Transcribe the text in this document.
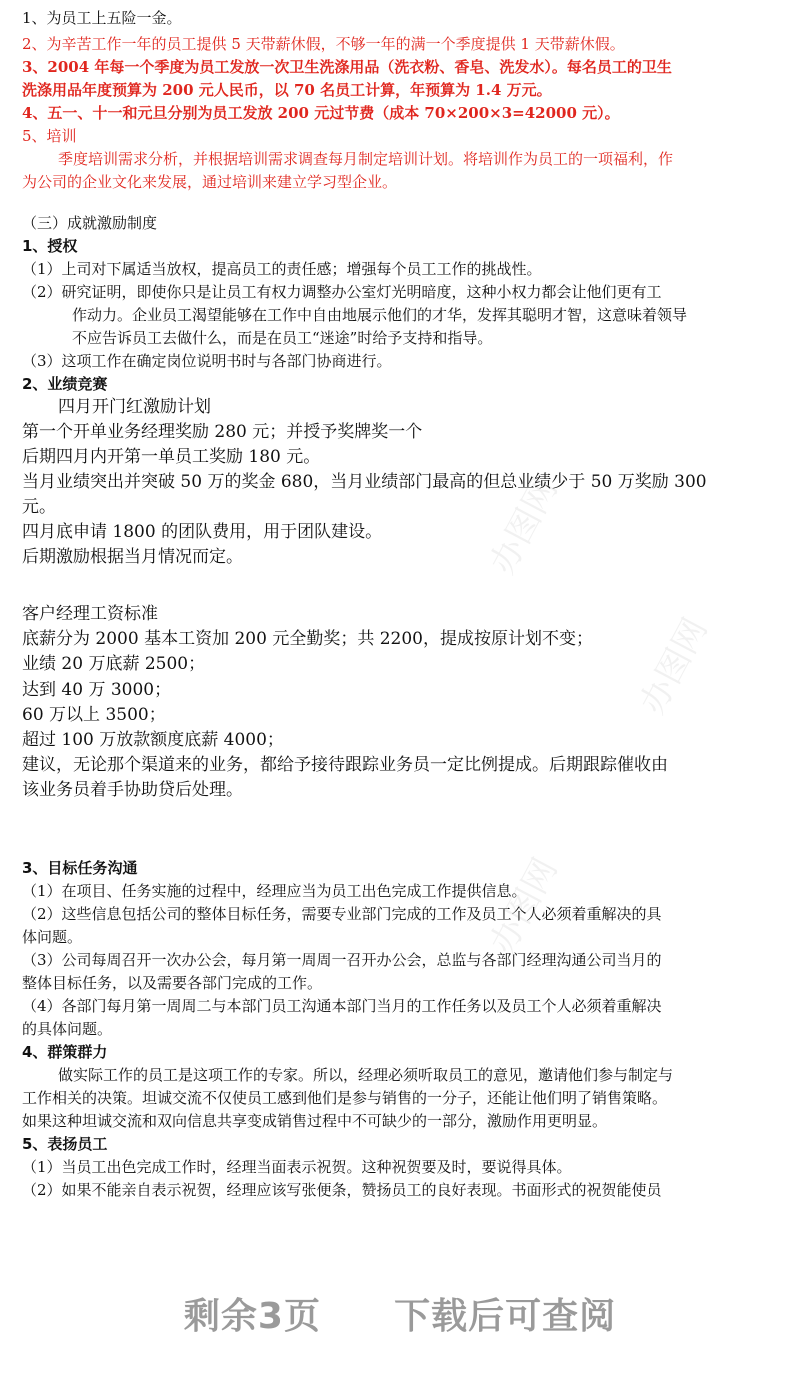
办图网
办图网
办图网
1、为员工上五险一金。
2、为辛苦工作一年的员工提供 5 天带薪休假，不够一年的满一个季度提供 1 天带薪休假。
3、2004 年每一个季度为员工发放一次卫生洗涤用品（洗衣粉、香皂、洗发水）。每名员工的卫生
洗涤用品年度预算为 200 元人民币，以 70 名员工计算，年预算为 1.4 万元。
4、五一、十一和元旦分别为员工发放 200 元过节费（成本 70×200×3=42000 元）。
5、培训
季度培训需求分析，并根据培训需求调查每月制定培训计划。将培训作为员工的一项福利，作
为公司的企业文化来发展，通过培训来建立学习型企业。
（三）成就激励制度
1、授权
（1）上司对下属适当放权，提高员工的责任感；增强每个员工工作的挑战性。
（2）研究证明，即使你只是让员工有权力调整办公室灯光明暗度，这种小权力都会让他们更有工
作动力。企业员工渴望能够在工作中自由地展示他们的才华，发挥其聪明才智，这意味着领导
不应告诉员工去做什么，而是在员工“迷途”时给予支持和指导。
（3）这项工作在确定岗位说明书时与各部门协商进行。
2、业绩竞赛
四月开门红激励计划
第一个开单业务经理奖励 280 元；并授予奖牌奖一个
后期四月内开第一单员工奖励 180 元。
当月业绩突出并突破 50 万的奖金 680，当月业绩部门最高的但总业绩少于 50 万奖励 300
元。
四月底申请 1800 的团队费用，用于团队建设。
后期激励根据当月情况而定。
客户经理工资标准
底薪分为 2000 基本工资加 200 元全勤奖；共 2200，提成按原计划不变；
业绩 20 万底薪 2500；
达到 40 万 3000；
60 万以上 3500；
超过 100 万放款额度底薪 4000；
建议，无论那个渠道来的业务，都给予接待跟踪业务员一定比例提成。后期跟踪催收由
该业务员着手协助贷后处理。
3、目标任务沟通
（1）在项目、任务实施的过程中，经理应当为员工出色完成工作提供信息。
（2）这些信息包括公司的整体目标任务，需要专业部门完成的工作及员工个人必须着重解决的具
体问题。
（3）公司每周召开一次办公会，每月第一周周一召开办公会，总监与各部门经理沟通公司当月的
整体目标任务，以及需要各部门完成的工作。
（4）各部门每月第一周周二与本部门员工沟通本部门当月的工作任务以及员工个人必须着重解决
的具体问题。
4、群策群力
做实际工作的员工是这项工作的专家。所以，经理必须听取员工的意见，邀请他们参与制定与
工作相关的决策。坦诚交流不仅使员工感到他们是参与销售的一分子，还能让他们明了销售策略。
如果这种坦诚交流和双向信息共享变成销售过程中不可缺少的一部分，激励作用更明显。
5、表扬员工
（1）当员工出色完成工作时，经理当面表示祝贺。这种祝贺要及时，要说得具体。
（2）如果不能亲自表示祝贺，经理应该写张便条，赞扬员工的良好表现。书面形式的祝贺能使员
剩余3页 下载后可查阅
